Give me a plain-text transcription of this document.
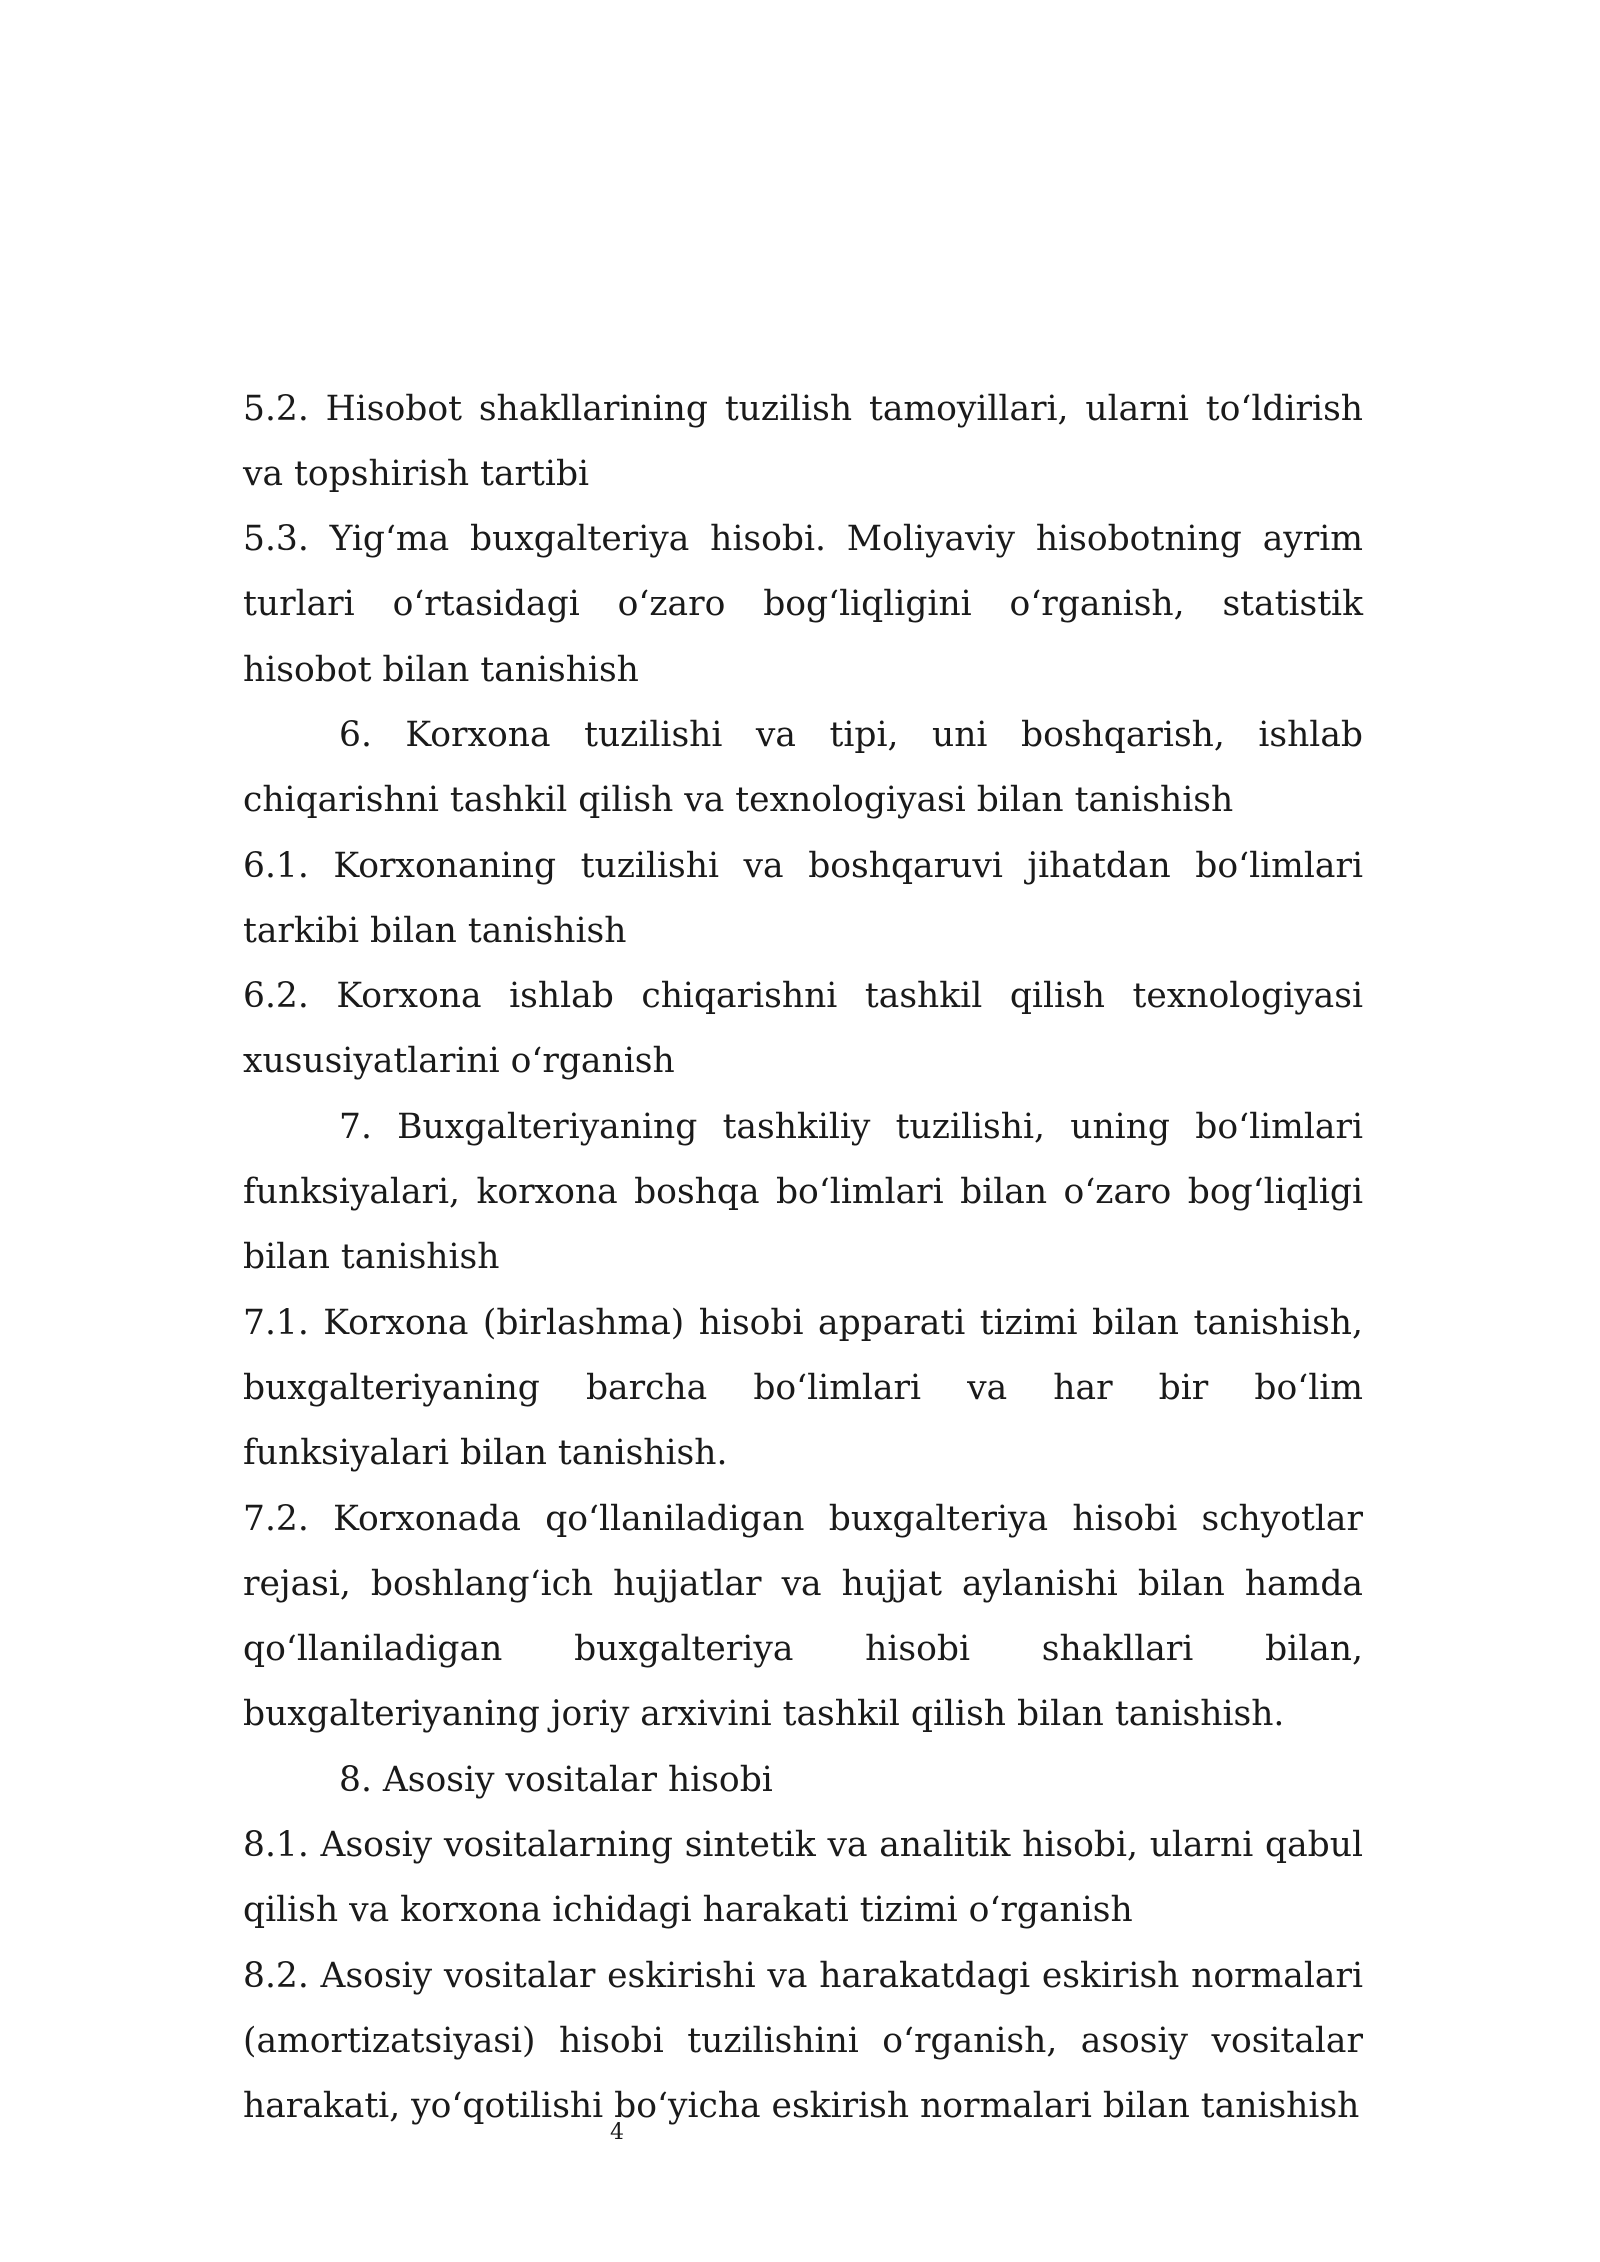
5.2. Hisobot shakllarining tuzilish tamoyillari, ularni to‘ldirish va topshirish tartibi

5.3. Yig‘ma buxgalteriya hisobi. Moliyaviy hisobotning ayrim turlari o‘rtasidagi o‘zaro bog‘liqligini o‘rganish, statistik hisobot bilan tanishish

6. Korxona tuzilishi va tipi, uni boshqarish, ishlab chiqarishni tashkil qilish va texnologiyasi bilan tanishish

6.1. Korxonaning tuzilishi va boshqaruvi jihatdan bo‘limlari tarkibi bilan tanishish

6.2. Korxona ishlab chiqarishni tashkil qilish texnologiyasi xususiyatlarini o‘rganish

7. Buxgalteriyaning tashkiliy tuzilishi, uning bo‘limlari funksiyalari, korxona boshqa bo‘limlari bilan o‘zaro bog‘liqligi bilan tanishish

7.1. Korxona (birlashma) hisobi apparati tizimi bilan tanishish, buxgalteriyaning barcha bo‘limlari va har bir bo‘lim funksiyalari bilan tanishish.

7.2. Korxonada qo‘llaniladigan buxgalteriya hisobi schyotlar rejasi, boshlang‘ich hujjatlar va hujjat aylanishi bilan hamda qo‘llaniladigan buxgalteriya hisobi shakllari bilan, buxgalteriyaning joriy arxivini tashkil qilish bilan tanishish.

8. Asosiy vositalar hisobi

8.1. Asosiy vositalarning sintetik va analitik hisobi, ularni qabul qilish va korxona ichidagi harakati tizimi o‘rganish

8.2. Asosiy vositalar eskirishi va harakatdagi eskirish normalari (amortizatsiyasi) hisobi tuzilishini o‘rganish, asosiy vositalar harakati, yo‘qotilishi bo‘yicha eskirish normalari bilan tanishish

4
